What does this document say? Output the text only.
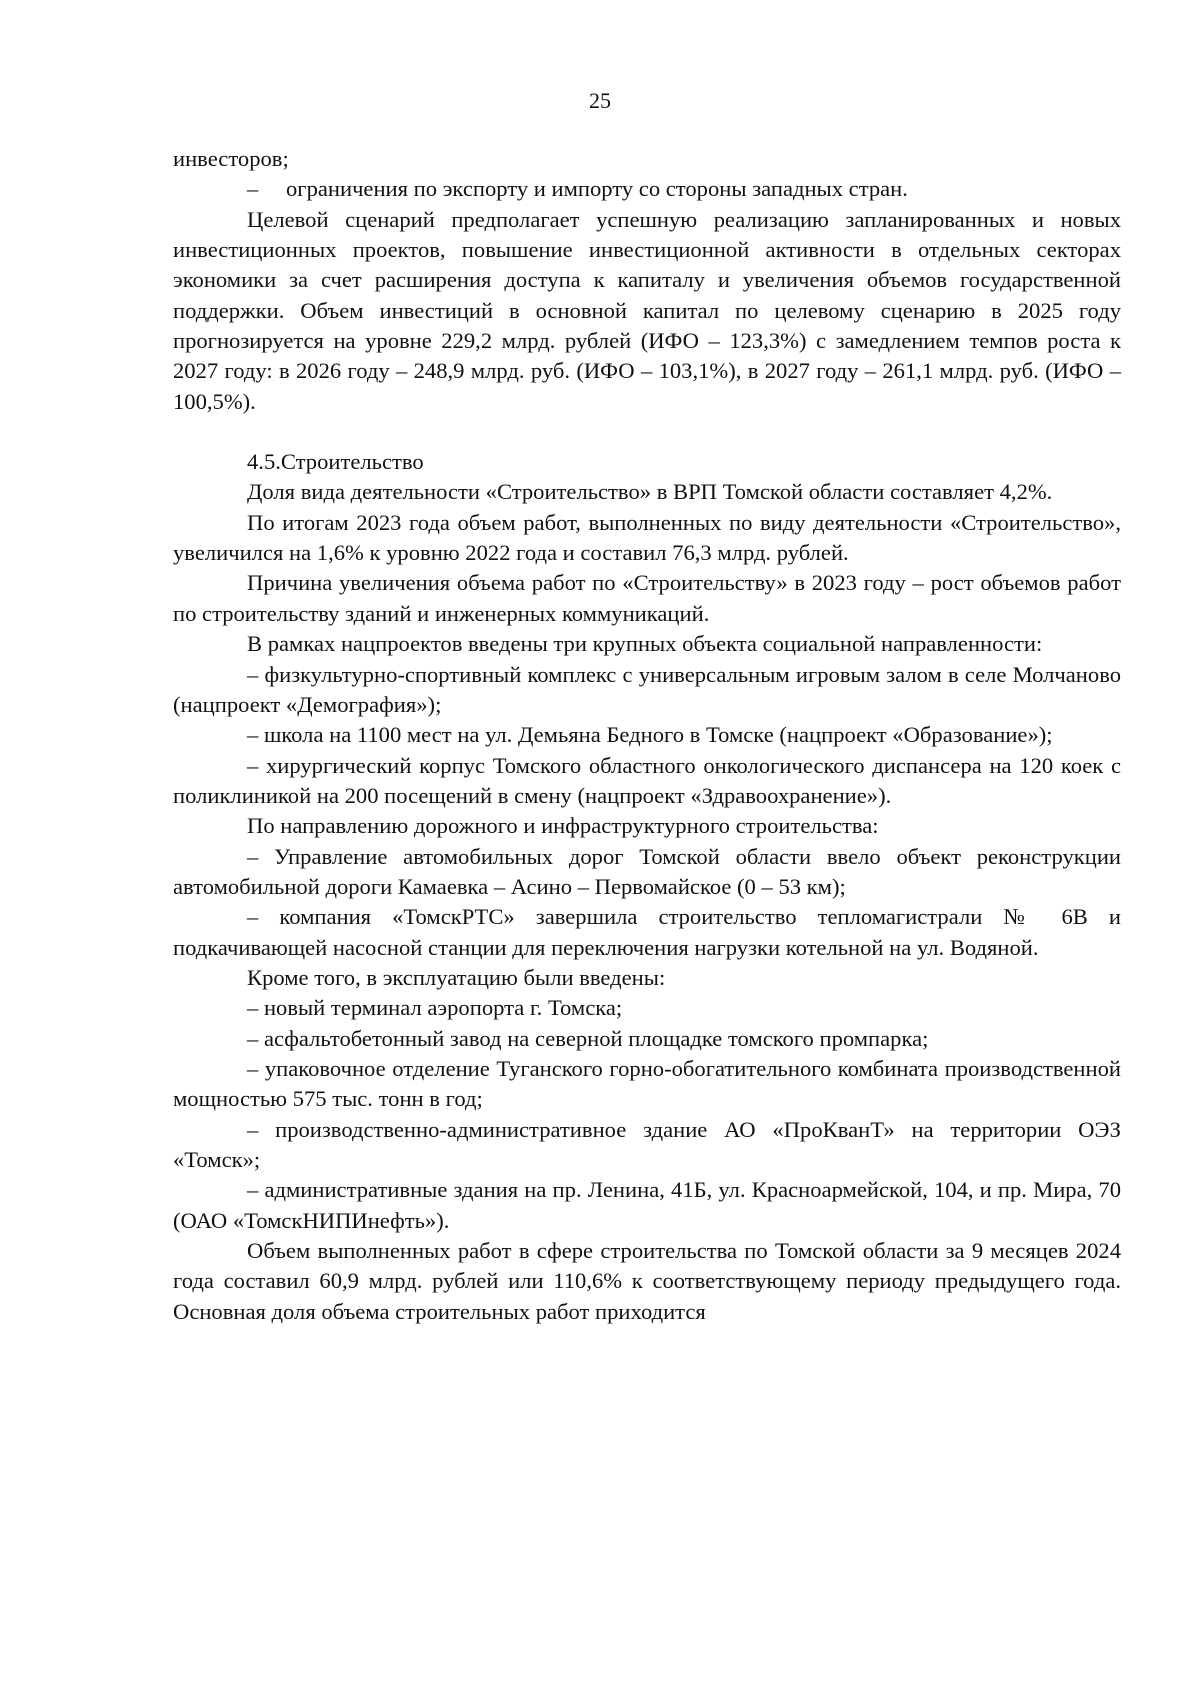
25

инвесторов;

–	ограничения по экспорту и импорту со стороны западных стран.

Целевой сценарий предполагает успешную реализацию запланированных и новых инвестиционных проектов, повышение инвестиционной активности в отдельных секторах экономики за счет расширения доступа к капиталу и увеличения объемов государственной поддержки. Объем инвестиций в основной капитал по целевому сценарию в 2025 году прогнозируется на уровне 229,2 млрд. рублей (ИФО – 123,3%) с замедлением темпов роста к 2027 году: в 2026 году – 248,9 млрд. руб. (ИФО – 103,1%), в 2027 году – 261,1 млрд. руб. (ИФО – 100,5%).

4.5.Строительство

Доля вида деятельности «Строительство» в ВРП Томской области составляет 4,2%.

По итогам 2023 года объем работ, выполненных по виду деятельности «Строительство», увеличился на 1,6% к уровню 2022 года и составил 76,3 млрд. рублей.

Причина увеличения объема работ по «Строительству» в 2023 году – рост объемов работ по строительству зданий и инженерных коммуникаций.

В рамках нацпроектов введены три крупных объекта социальной направленности:

– физкультурно-спортивный комплекс с универсальным игровым залом в селе Молчаново (нацпроект «Демография»);

– школа на 1100 мест на ул. Демьяна Бедного в Томске (нацпроект «Образование»);

– хирургический корпус Томского областного онкологического диспансера на 120 коек с поликлиникой на 200 посещений в смену (нацпроект «Здравоохранение»).

По направлению дорожного и инфраструктурного строительства:

– Управление автомобильных дорог Томской области ввело объект реконструкции автомобильной дороги Камаевка – Асино – Первомайское (0 – 53 км);

– компания «ТомскРТС» завершила строительство тепломагистрали № 6В и подкачивающей насосной станции для переключения нагрузки котельной на ул. Водяной.

Кроме того, в эксплуатацию были введены:

– новый терминал аэропорта г. Томска;

– асфальтобетонный завод на северной площадке томского промпарка;

– упаковочное отделение Туганского горно-обогатительного комбината производственной мощностью 575 тыс. тонн в год;

– производственно-административное здание АО «ПроКванТ» на территории ОЭЗ «Томск»;

– административные здания на пр. Ленина, 41Б, ул. Красноармейской, 104, и пр. Мира, 70 (ОАО «ТомскНИПИнефть»).

Объем выполненных работ в сфере строительства по Томской области за 9 месяцев 2024 года составил 60,9 млрд. рублей или 110,6% к соответствующему периоду предыдущего года. Основная доля объема строительных работ приходится
